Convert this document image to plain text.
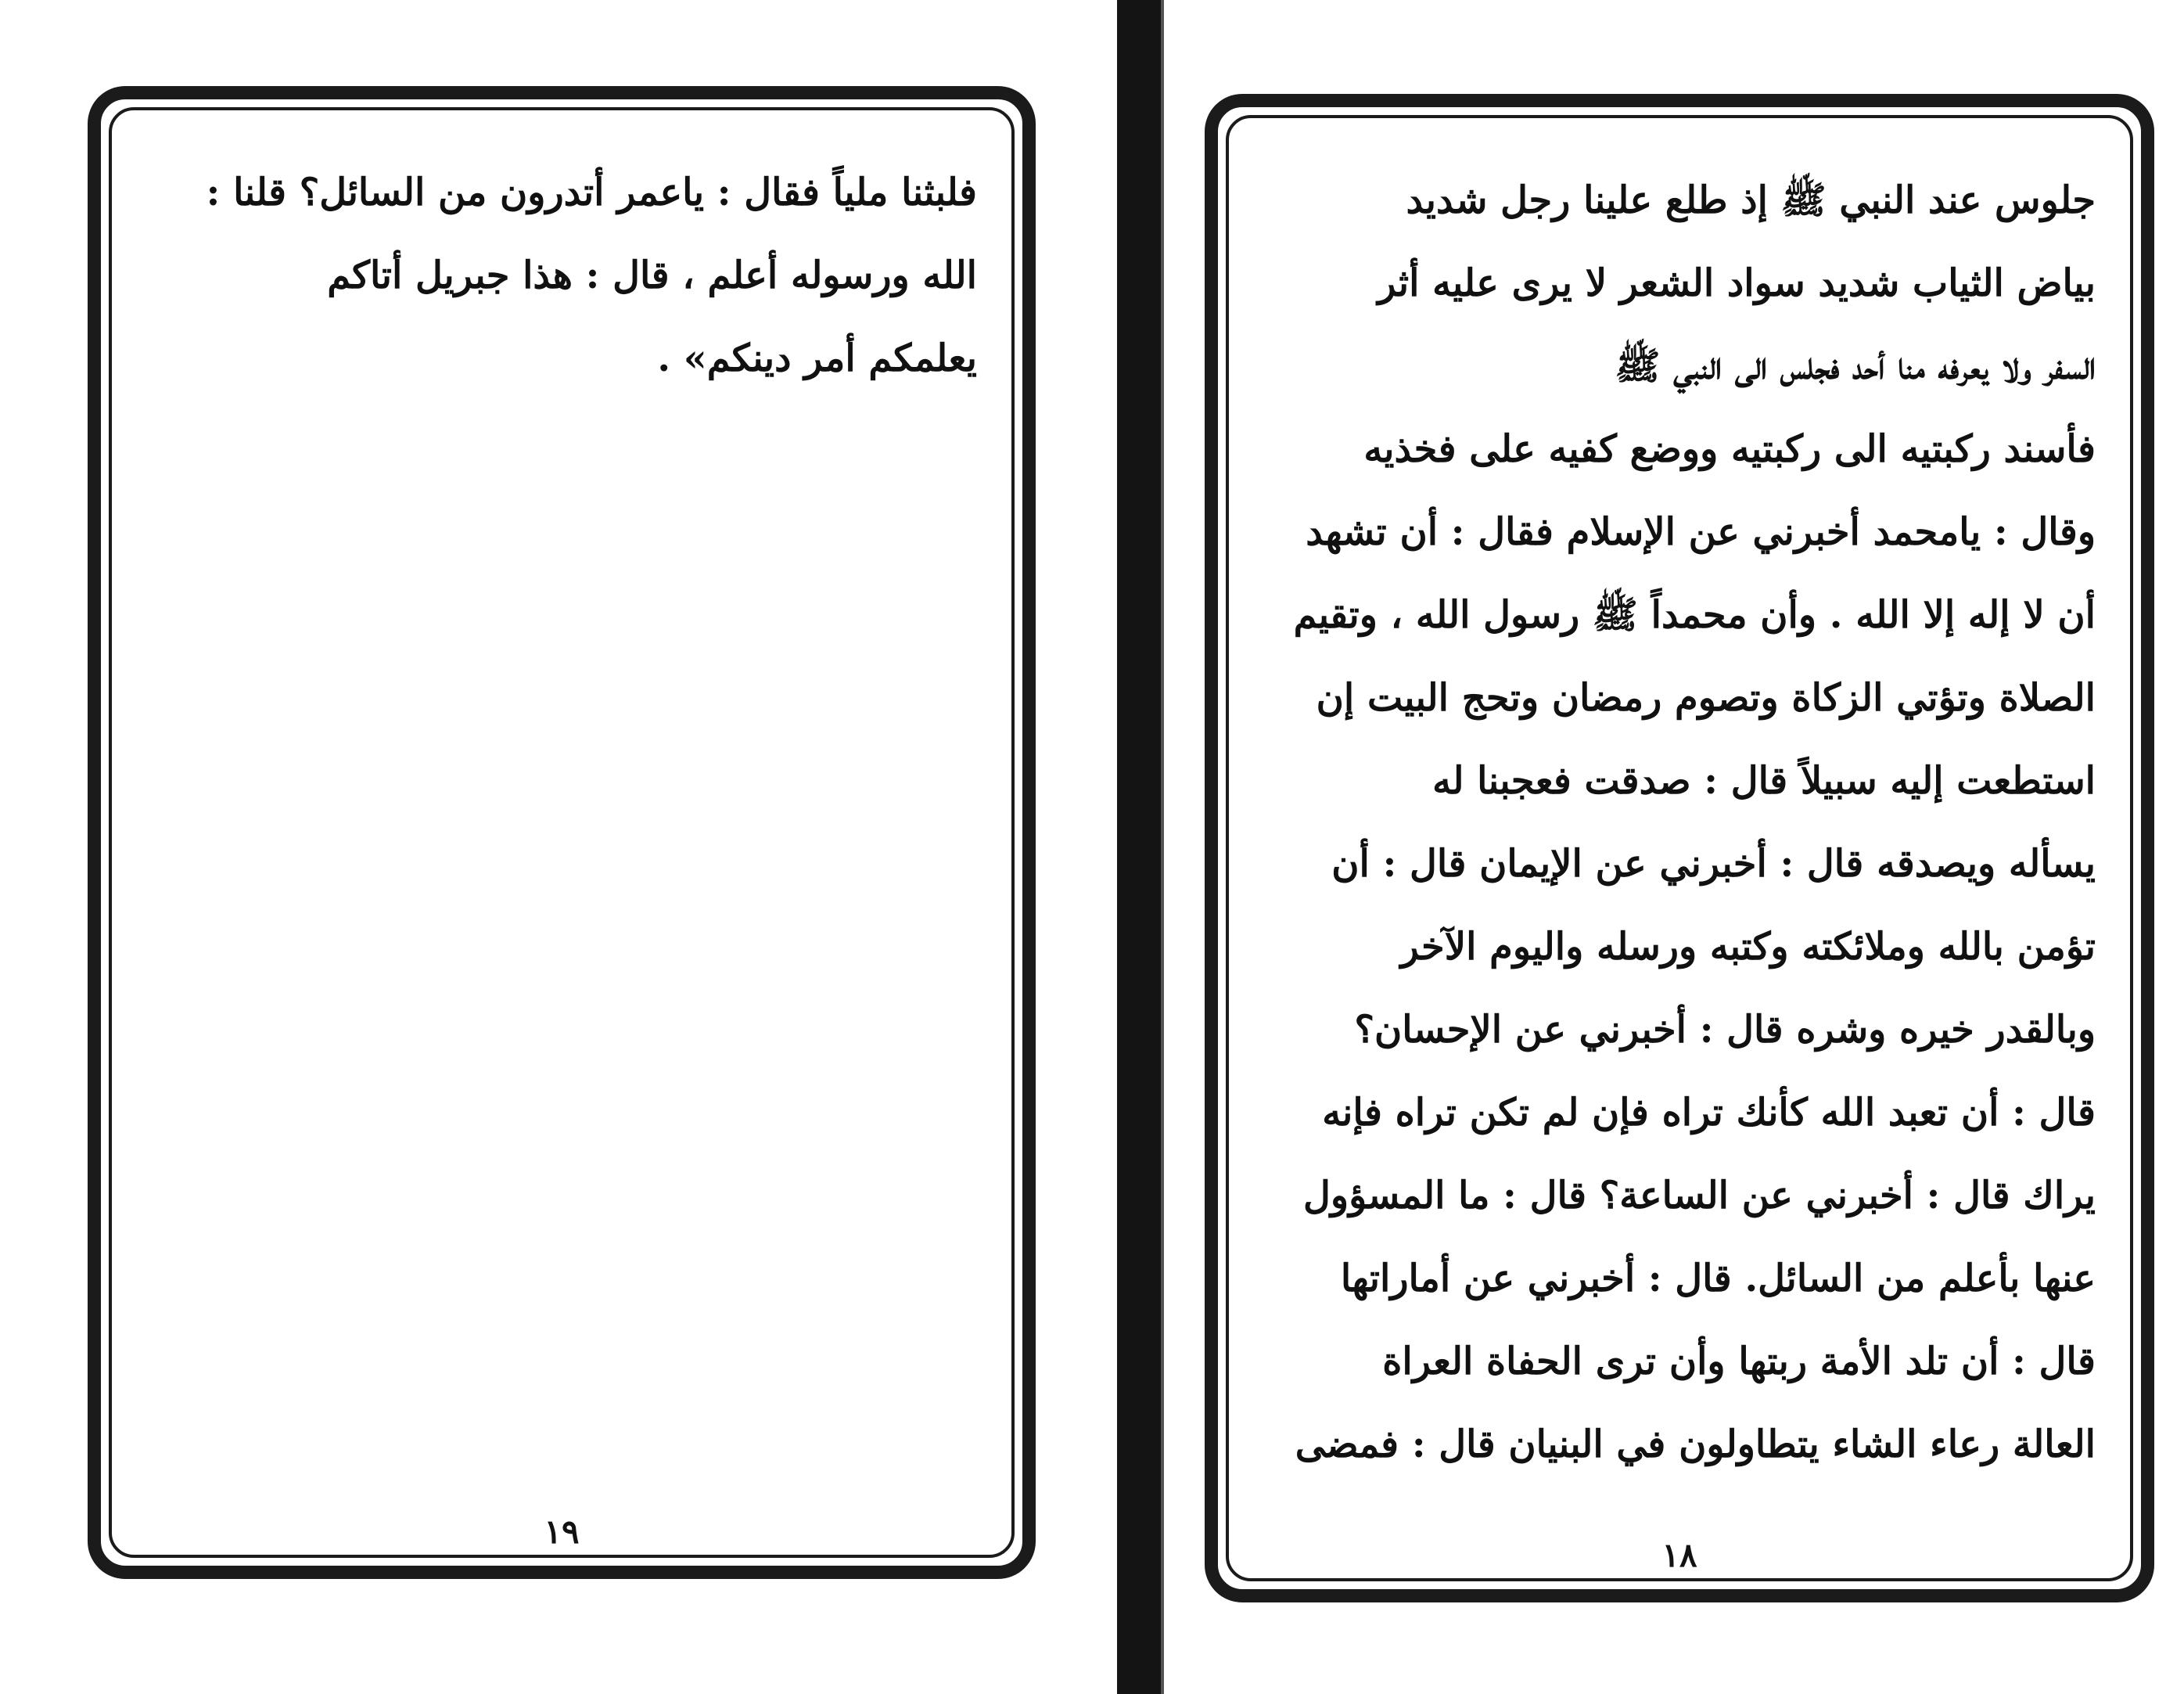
فلبثنا ملياً فقال : ياعمر أتدرون من السائل؟ قلنا :
الله ورسوله أعلم ، قال : هذا جبريل أتاكم
يعلمكم أمر دينكم» .
١٩
جلوس عند النبي ﷺ إذ طلع علينا رجل شديد
بياض الثياب شديد سواد الشعر لا يرى عليه أثر
السفر ولا يعرفه منا أحد فجلس الى النبي ﷺ
فأسند ركبتيه الى ركبتيه ووضع كفيه على فخذيه
وقال : يامحمد أخبرني عن الإسلام فقال : أن تشهد
أن لا إله إلا الله . وأن محمداً ﷺ رسول الله ، وتقيم
الصلاة وتؤتي الزكاة وتصوم رمضان وتحج البيت إن
استطعت إليه سبيلاً قال : صدقت فعجبنا له
يسأله ويصدقه قال : أخبرني عن الإيمان قال : أن
تؤمن بالله وملائكته وكتبه ورسله واليوم الآخر
وبالقدر خيره وشره قال : أخبرني عن الإحسان؟
قال : أن تعبد الله كأنك تراه فإن لم تكن تراه فإنه
يراك قال : أخبرني عن الساعة؟ قال : ما المسؤول
عنها بأعلم من السائل. قال : أخبرني عن أماراتها
قال : أن تلد الأمة ربتها وأن ترى الحفاة العراة
العالة رعاء الشاء يتطاولون في البنيان قال : فمضى
١٨
